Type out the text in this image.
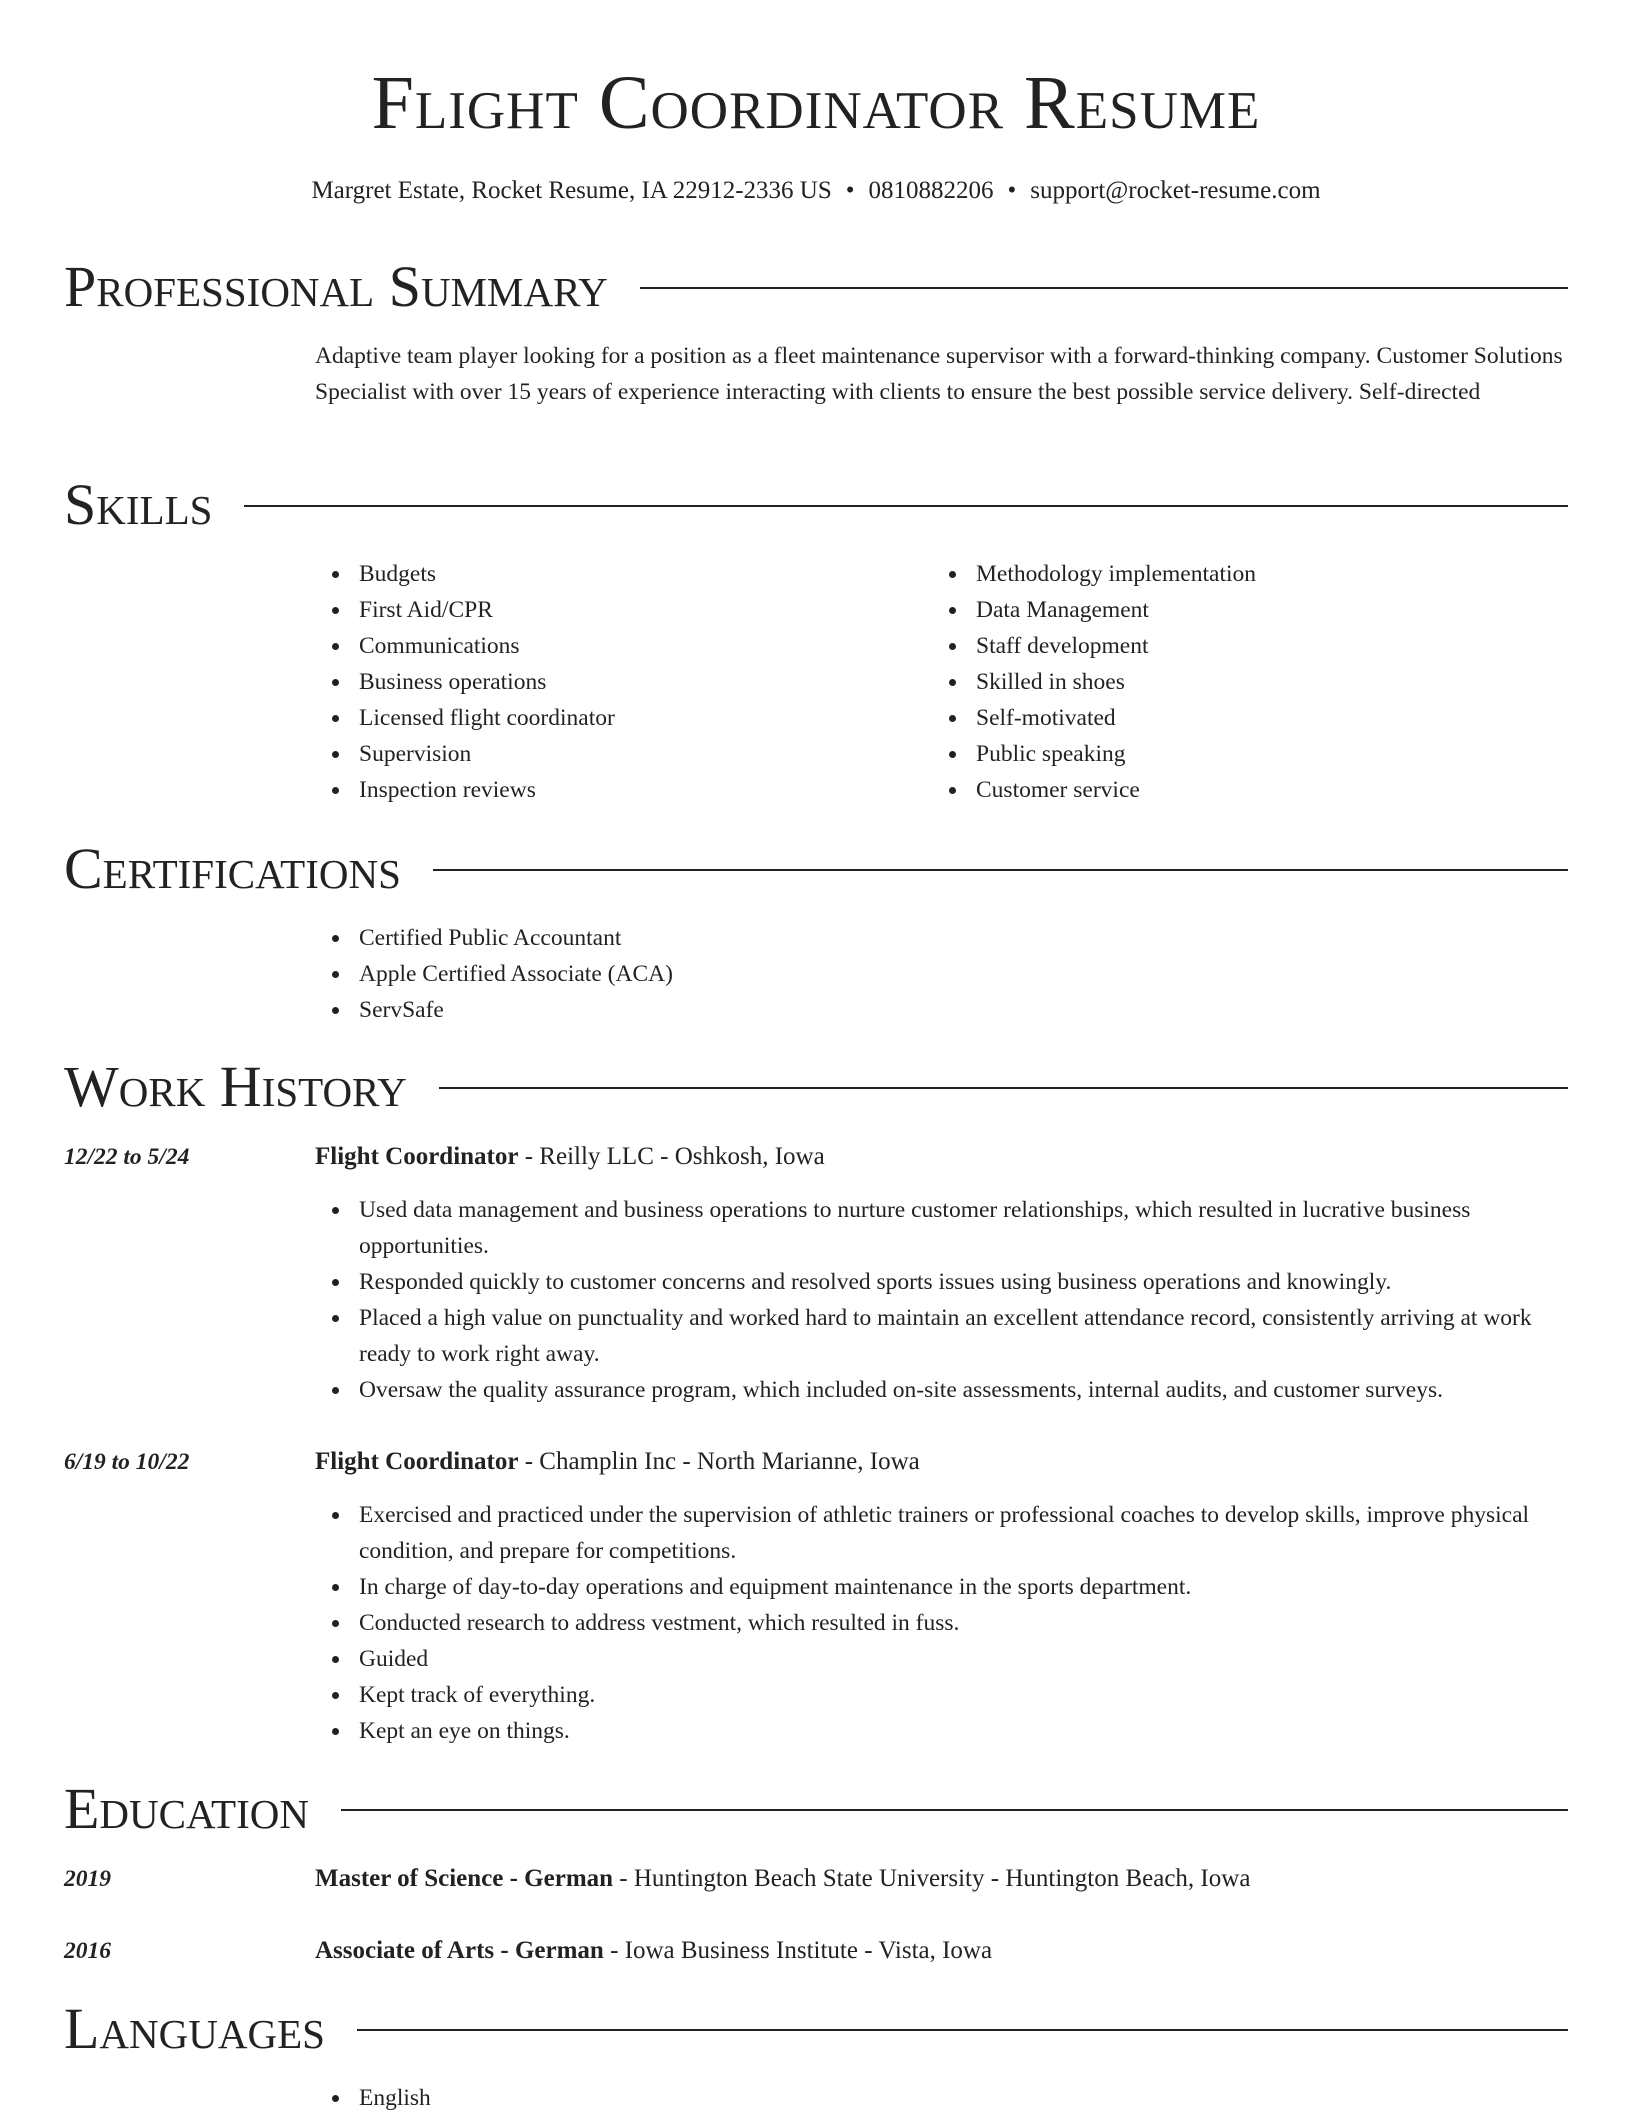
Flight Coordinator Resume
Margret Estate, Rocket Resume, IA 22912-2336 US • 0810882206 • support@rocket-resume.com
Professional Summary
Adaptive team player looking for a position as a fleet maintenance supervisor with a forward-thinking company. Customer Solutions Specialist with over 15 years of experience interacting with clients to ensure the best possible service delivery. Self-directed
Skills
Budgets
First Aid/CPR
Communications
Business operations
Licensed flight coordinator
Supervision
Inspection reviews
Methodology implementation
Data Management
Staff development
Skilled in shoes
Self-motivated
Public speaking
Customer service
Certifications
Certified Public Accountant
Apple Certified Associate (ACA)
ServSafe
Work History
12/22 to 5/24	Flight Coordinator - Reilly LLC - Oshkosh, Iowa
Used data management and business operations to nurture customer relationships, which resulted in lucrative business opportunities.
Responded quickly to customer concerns and resolved sports issues using business operations and knowingly.
Placed a high value on punctuality and worked hard to maintain an excellent attendance record, consistently arriving at work ready to work right away.
Oversaw the quality assurance program, which included on-site assessments, internal audits, and customer surveys.
6/19 to 10/22	Flight Coordinator - Champlin Inc - North Marianne, Iowa
Exercised and practiced under the supervision of athletic trainers or professional coaches to develop skills, improve physical condition, and prepare for competitions.
In charge of day-to-day operations and equipment maintenance in the sports department.
Conducted research to address vestment, which resulted in fuss.
Guided
Kept track of everything.
Kept an eye on things.
Education
2019	Master of Science - German - Huntington Beach State University - Huntington Beach, Iowa
2016	Associate of Arts - German - Iowa Business Institute - Vista, Iowa
Languages
English
